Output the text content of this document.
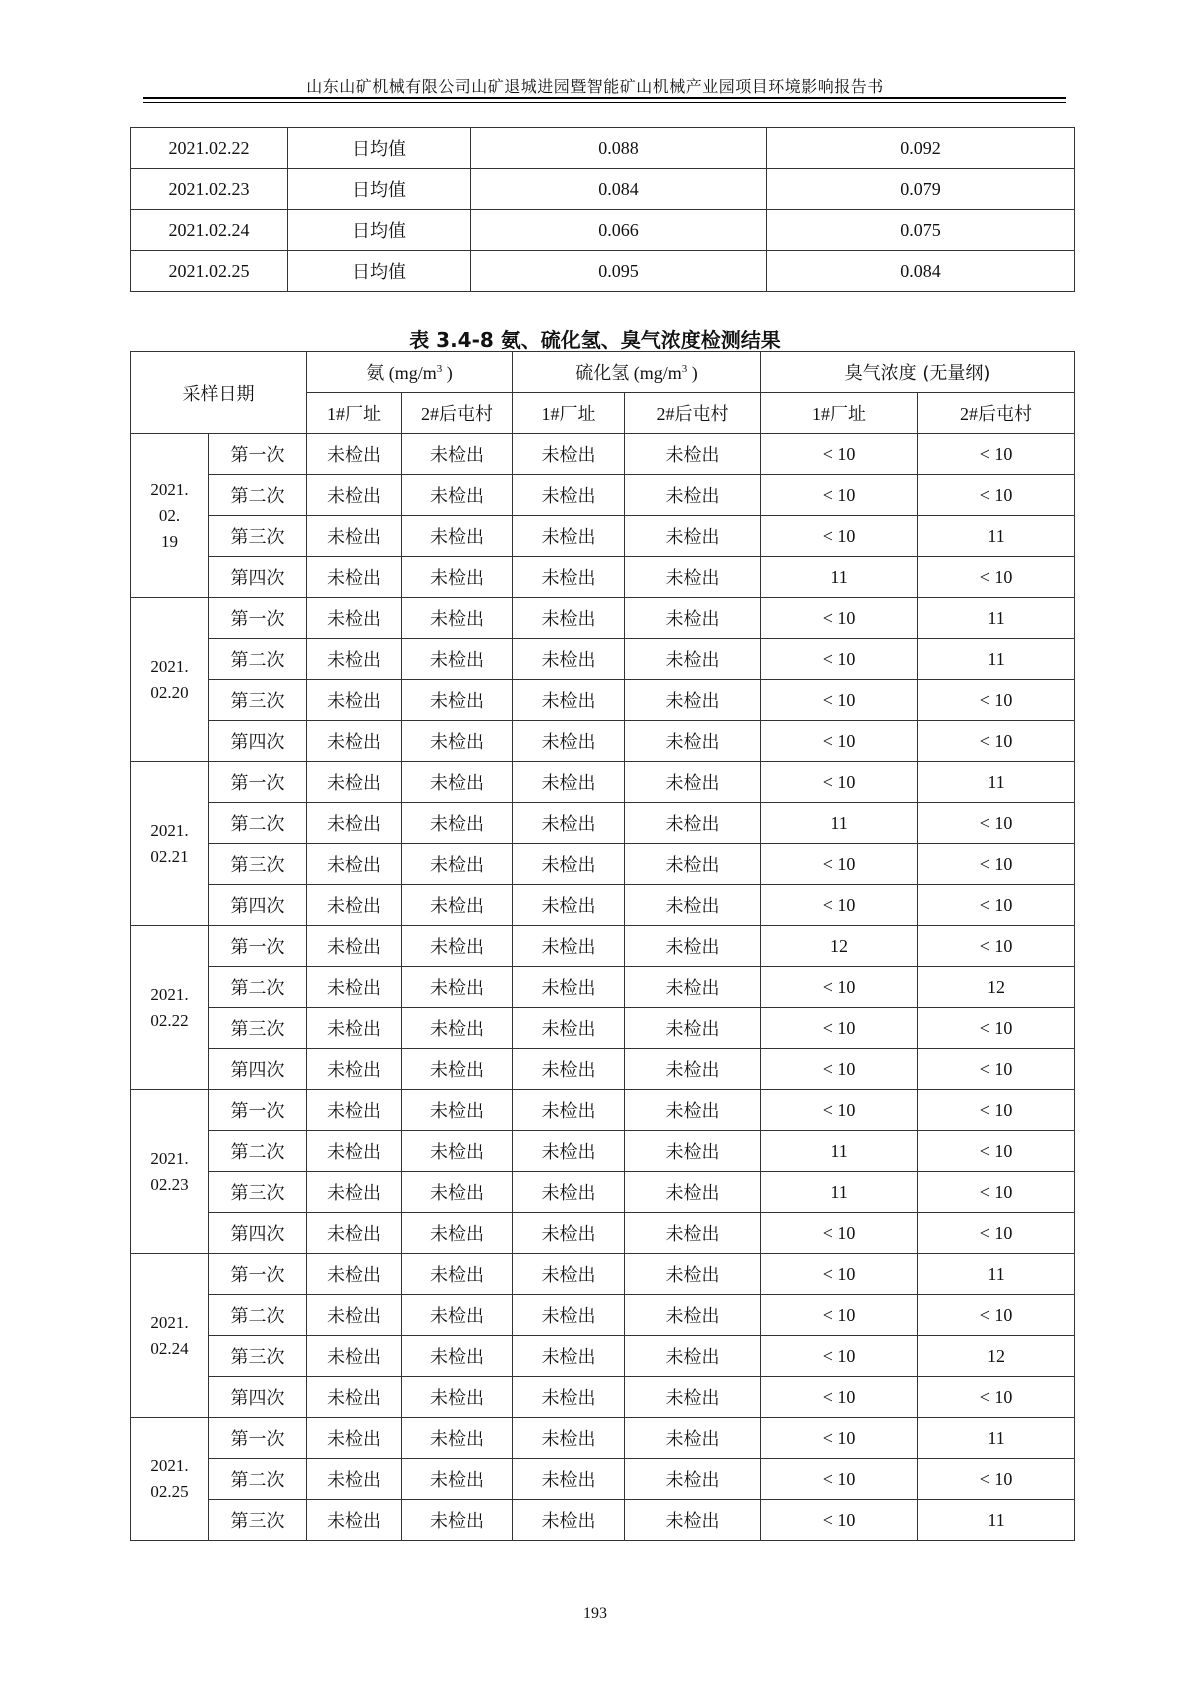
山东山矿机械有限公司山矿退城进园暨智能矿山机械产业园项目环境影响报告书
2021.02.22	日均值	0.088	0.092
2021.02.23	日均值	0.084	0.079
2021.02.24	日均值	0.066	0.075
2021.02.25	日均值	0.095	0.084
表 3.4-8 氨、硫化氢、臭气浓度检测结果
采样日期		氨 ($mg/m^3$ )		硫化氢 ($mg/m^3$ )		臭气浓度 (无量纲)	
		1#厂址	2#后屯村	1#厂址	2#后屯村	1#厂址	2#后屯村

2021.
02.
19	第一次	未检出	未检出	未检出	未检出	< 10	< 10
	第二次	未检出	未检出	未检出	未检出	< 10	< 10
	第三次	未检出	未检出	未检出	未检出	< 10	11
	第四次	未检出	未检出	未检出	未检出	11	< 10

2021.
02.20	第一次	未检出	未检出	未检出	未检出	< 10	11
	第二次	未检出	未检出	未检出	未检出	< 10	11
	第三次	未检出	未检出	未检出	未检出	< 10	< 10
	第四次	未检出	未检出	未检出	未检出	< 10	< 10

2021.
02.21	第一次	未检出	未检出	未检出	未检出	< 10	11
	第二次	未检出	未检出	未检出	未检出	11	< 10
	第三次	未检出	未检出	未检出	未检出	< 10	< 10
	第四次	未检出	未检出	未检出	未检出	< 10	< 10

2021.
02.22	第一次	未检出	未检出	未检出	未检出	12	< 10
	第二次	未检出	未检出	未检出	未检出	< 10	12
	第三次	未检出	未检出	未检出	未检出	< 10	< 10
	第四次	未检出	未检出	未检出	未检出	< 10	< 10

2021.
02.23	第一次	未检出	未检出	未检出	未检出	< 10	< 10
	第二次	未检出	未检出	未检出	未检出	11	< 10
	第三次	未检出	未检出	未检出	未检出	11	< 10
	第四次	未检出	未检出	未检出	未检出	< 10	< 10

2021.
02.24	第一次	未检出	未检出	未检出	未检出	< 10	11
	第二次	未检出	未检出	未检出	未检出	< 10	< 10
	第三次	未检出	未检出	未检出	未检出	< 10	12
	第四次	未检出	未检出	未检出	未检出	< 10	< 10

2021.
02.25	第一次	未检出	未检出	未检出	未检出	< 10	11
	第二次	未检出	未检出	未检出	未检出	< 10	< 10
	第三次	未检出	未检出	未检出	未检出	< 10	11
193
